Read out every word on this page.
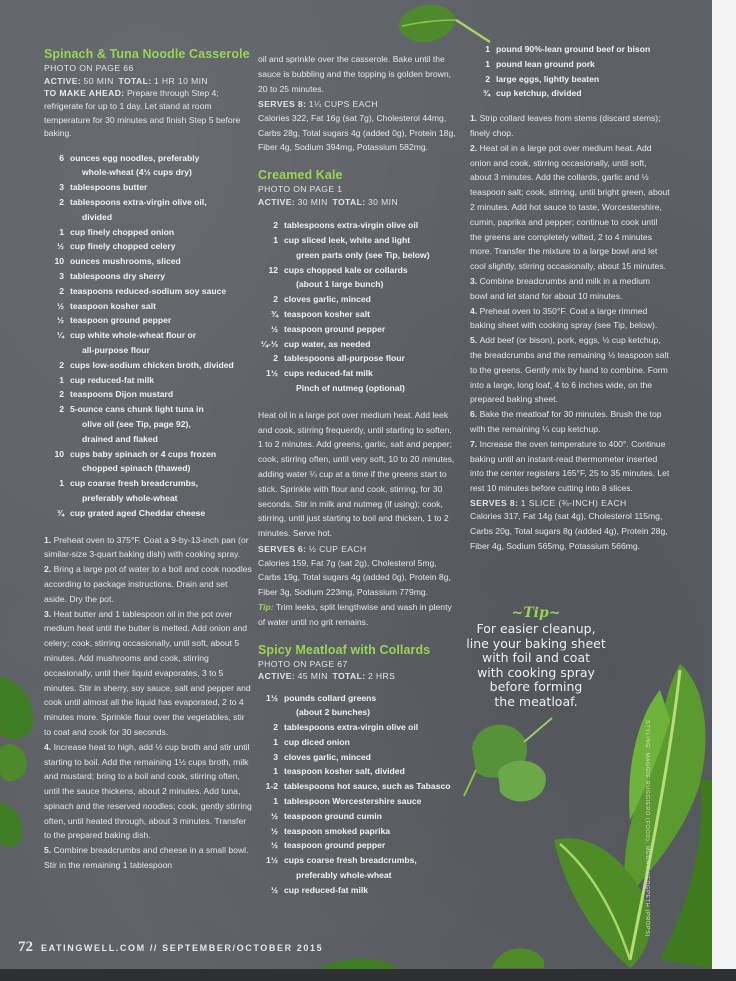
Spinach & Tuna Noodle Casserole
PHOTO ON PAGE 66
ACTIVE: 50 MIN TOTAL: 1 HR 10 MIN
TO MAKE AHEAD: Prepare through Step 4; refrigerate for up to 1 day. Let stand at room temperature for 30 minutes and finish Step 5 before baking.
6 ounces egg noodles, preferably
whole-wheat (4½ cups dry)
3 tablespoons butter
2 tablespoons extra-virgin olive oil,
divided
1 cup finely chopped onion
½ cup finely chopped celery
10 ounces mushrooms, sliced
3 tablespoons dry sherry
2 teaspoons reduced-sodium soy sauce
½ teaspoon kosher salt
½ teaspoon ground pepper
¼ cup white whole-wheat flour or
all-purpose flour
2 cups low-sodium chicken broth, divided
1 cup reduced-fat milk
2 teaspoons Dijon mustard
2 5-ounce cans chunk light tuna in
olive oil (see Tip, page 92),
drained and flaked
10 cups baby spinach or 4 cups frozen
chopped spinach (thawed)
1 cup coarse fresh breadcrumbs,
preferably whole-wheat
¾ cup grated aged Cheddar cheese
1. Preheat oven to 375°F. Coat a 9-by-13-inch pan (or similar-size 3-quart baking dish) with cooking spray.
2. Bring a large pot of water to a boil and cook noodles according to package instructions. Drain and set aside. Dry the pot.
3. Heat butter and 1 tablespoon oil in the pot over medium heat until the butter is melted. Add onion and celery; cook, stirring occasionally, until soft, about 5 minutes. Add mushrooms and cook, stirring occasionally, until their liquid evaporates, 3 to 5 minutes. Stir in sherry, soy sauce, salt and pepper and cook until almost all the liquid has evaporated, 2 to 4 minutes more. Sprinkle flour over the vegetables, stir to coat and cook for 30 seconds.
4. Increase heat to high, add ½ cup broth and stir until starting to boil. Add the remaining 1½ cups broth, milk and mustard; bring to a boil and cook, stirring often, until the sauce thickens, about 2 minutes. Add tuna, spinach and the reserved noodles; cook, gently stirring often, until heated through, about 3 minutes. Transfer to the prepared baking dish.
5. Combine breadcrumbs and cheese in a small bowl. Stir in the remaining 1 tablespoon
oil and sprinkle over the casserole. Bake until the sauce is bubbling and the topping is golden brown, 20 to 25 minutes.
SERVES 8: 1¼ CUPS EACH
Calories 322, Fat 16g (sat 7g), Cholesterol 44mg, Carbs 28g, Total sugars 4g (added 0g), Protein 18g, Fiber 4g, Sodium 394mg, Potassium 582mg.
Creamed Kale
PHOTO ON PAGE 1
ACTIVE: 30 MIN TOTAL: 30 MIN
2 tablespoons extra-virgin olive oil
1 cup sliced leek, white and light
green parts only (see Tip, below)
12 cups chopped kale or collards
(about 1 large bunch)
2 cloves garlic, minced
¾ teaspoon kosher salt
½ teaspoon ground pepper
¼-⅓ cup water, as needed
2 tablespoons all-purpose flour
1½ cups reduced-fat milk
Pinch of nutmeg (optional)
Heat oil in a large pot over medium heat. Add leek and cook, stirring frequently, until starting to soften, 1 to 2 minutes. Add greens, garlic, salt and pepper; cook, stirring often, until very soft, 10 to 20 minutes, adding water ¼ cup at a time if the greens start to stick. Sprinkle with flour and cook, stirring, for 30 seconds. Stir in milk and nutmeg (if using); cook, stirring, until just starting to boil and thicken, 1 to 2 minutes. Serve hot.
SERVES 6: ½ CUP EACH
Calories 159, Fat 7g (sat 2g), Cholesterol 5mg, Carbs 19g, Total sugars 4g (added 0g), Protein 8g, Fiber 3g, Sodium 223mg, Potassium 779mg.
Tip: Trim leeks, split lengthwise and wash in plenty of water until no grit remains.
Spicy Meatloaf with Collards
PHOTO ON PAGE 67
ACTIVE: 45 MIN TOTAL: 2 HRS
1½ pounds collard greens
(about 2 bunches)
2 tablespoons extra-virgin olive oil
1 cup diced onion
3 cloves garlic, minced
1 teaspoon kosher salt, divided
1-2 tablespoons hot sauce, such as Tabasco
1 tablespoon Worcestershire sauce
½ teaspoon ground cumin
½ teaspoon smoked paprika
½ teaspoon ground pepper
1½ cups coarse fresh breadcrumbs,
preferably whole-wheat
½ cup reduced-fat milk
1 pound 90%-lean ground beef or bison
1 pound lean ground pork
2 large eggs, lightly beaten
¾ cup ketchup, divided
1. Strip collard leaves from stems (discard stems); finely chop.
2. Heat oil in a large pot over medium heat. Add onion and cook, stirring occasionally, until soft, about 3 minutes. Add the collards, garlic and ½ teaspoon salt; cook, stirring, until bright green, about 2 minutes. Add hot sauce to taste, Worcestershire, cumin, paprika and pepper; continue to cook until the greens are completely wilted, 2 to 4 minutes more. Transfer the mixture to a large bowl and let cool slightly, stirring occasionally, about 15 minutes.
3. Combine breadcrumbs and milk in a medium bowl and let stand for about 10 minutes.
4. Preheat oven to 350°F. Coat a large rimmed baking sheet with cooking spray (see Tip, below).
5. Add beef (or bison), pork, eggs, ½ cup ketchup, the breadcrumbs and the remaining ½ teaspoon salt to the greens. Gently mix by hand to combine. Form into a large, long loaf, 4 to 6 inches wide, on the prepared baking sheet.
6. Bake the meatloaf for 30 minutes. Brush the top with the remaining ¼ cup ketchup.
7. Increase the oven temperature to 400°. Continue baking until an instant-read thermometer inserted into the center registers 165°F, 25 to 35 minutes. Let rest 10 minutes before cutting into 8 slices.
SERVES 8: 1 SLICE (¾-INCH) EACH
Calories 317, Fat 14g (sat 4g), Cholesterol 115mg, Carbs 20g, Total sugars 8g (added 4g), Protein 28g, Fiber 4g, Sodium 565mg, Potassium 566mg.
~Tip~
For easier cleanup,
line your baking sheet
with foil and coat
with cooking spray
before forming
the meatloaf.
STYLING: MAGGIE RUGGIERO (FOOD), MEGAN HEDGPETH (PROPS)
72 EATINGWELL.COM // SEPTEMBER/OCTOBER 2015
